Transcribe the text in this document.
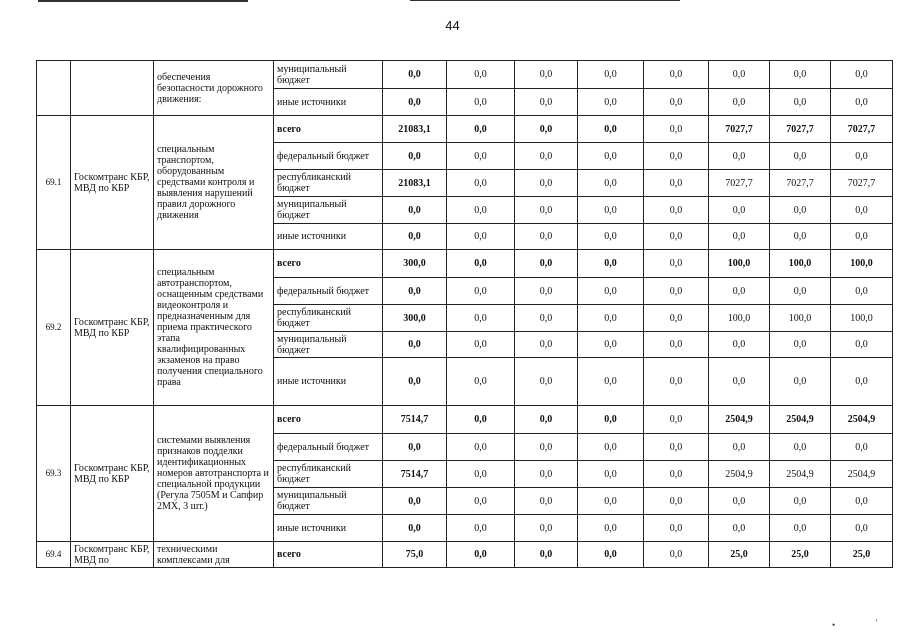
44
		обеспечения безопасности дорожного движения:	муниципальный бюджет	0,0	0,0	0,0	0,0	0,0	0,0	0,0	0,0
			иные источники	0,0	0,0	0,0	0,0	0,0	0,0	0,0	0,0
69.1	Госкомтранс КБР, МВД по КБР	специальным транспортом, оборудованным средствами контроля и выявления нарушений правил дорожного движения	всего	21083,1	0,0	0,0	0,0	0,0	7027,7	7027,7	7027,7
			федеральный бюджет	0,0	0,0	0,0	0,0	0,0	0,0	0,0	0,0
			республиканский бюджет	21083,1	0,0	0,0	0,0	0,0	7027,7	7027,7	7027,7
			муниципальный бюджет	0,0	0,0	0,0	0,0	0,0	0,0	0,0	0,0
			иные источники	0,0	0,0	0,0	0,0	0,0	0,0	0,0	0,0
69.2	Госкомтранс КБР, МВД по КБР	специальным автотранспортом, оснащенным средствами видеоконтроля и предназначенным для приема практического этапа квалифицированных экзаменов на право получения специального права	всего	300,0	0,0	0,0	0,0	0,0	100,0	100,0	100,0
			федеральный бюджет	0,0	0,0	0,0	0,0	0,0	0,0	0,0	0,0
			республиканский бюджет	300,0	0,0	0,0	0,0	0,0	100,0	100,0	100,0
			муниципальный бюджет	0,0	0,0	0,0	0,0	0,0	0,0	0,0	0,0
			иные источники	0,0	0,0	0,0	0,0	0,0	0,0	0,0	0,0
69.3	Госкомтранс КБР, МВД по КБР	системами выявления признаков подделки идентификационных номеров автотранспорта и специальной продукции (Регула 7505М и Сапфир 2МХ, 3 шт.)	всего	7514,7	0,0	0,0	0,0	0,0	2504,9	2504,9	2504,9
			федеральный бюджет	0,0	0,0	0,0	0,0	0,0	0,0	0,0	0,0
			республиканский бюджет	7514,7	0,0	0,0	0,0	0,0	2504,9	2504,9	2504,9
			муниципальный бюджет	0,0	0,0	0,0	0,0	0,0	0,0	0,0	0,0
			иные источники	0,0	0,0	0,0	0,0	0,0	0,0	0,0	0,0
69.4	Госкомтранс КБР, МВД по	техническими комплексами для	всего	75,0	0,0	0,0	0,0	0,0	25,0	25,0	25,0
•	'
